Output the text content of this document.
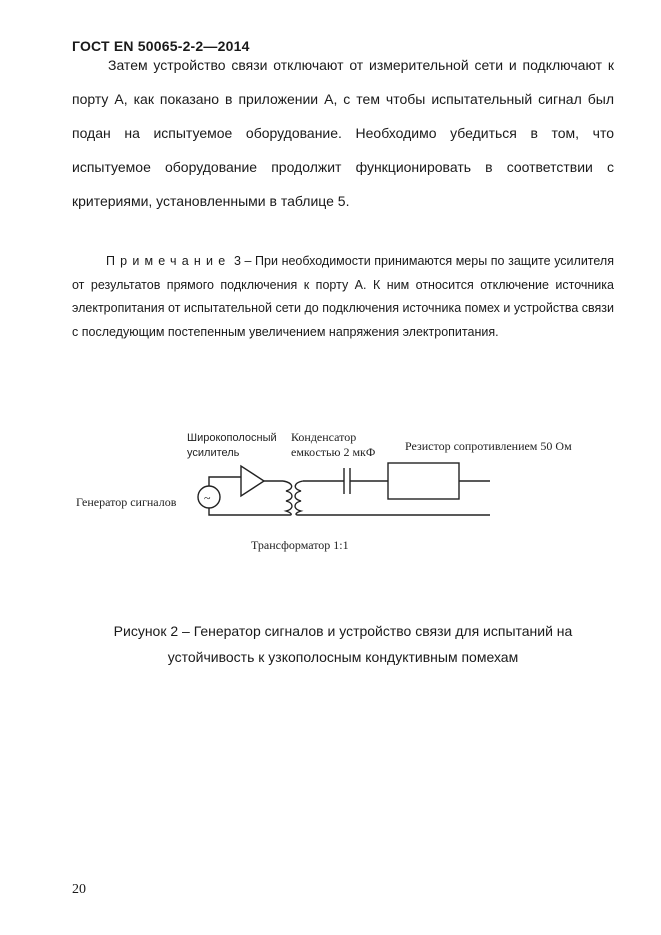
ГОСТ EN 50065-2-2—2014

Затем устройство связи отключают от измерительной сети и подключают к порту А, как показано в приложении А, с тем чтобы испытательный сигнал был подан на испытуемое оборудование. Необходимо убедиться в том, что испытуемое оборудование продолжит функционировать в соответствии с критериями, установленными в таблице 5.

Примечание 3 – При необходимости принимаются меры по защите усилителя от результатов прямого подключения к порту А. К ним относится отключение источника электропитания от испытательной сети до подключения источника помех и устройства связи с последующим постепенным увеличением напряжения электропитания.

~
Широкополосный
усилитель
Конденсатор
емкостью 2 мкФ Резистор сопротивлением 50 Ом
Генератор сигналов
Трансформатор 1:1
Рисунок 2 – Генератор сигналов и устройство связи для испытаний на
устойчивость к узкополосным кондуктивным помехам
20
